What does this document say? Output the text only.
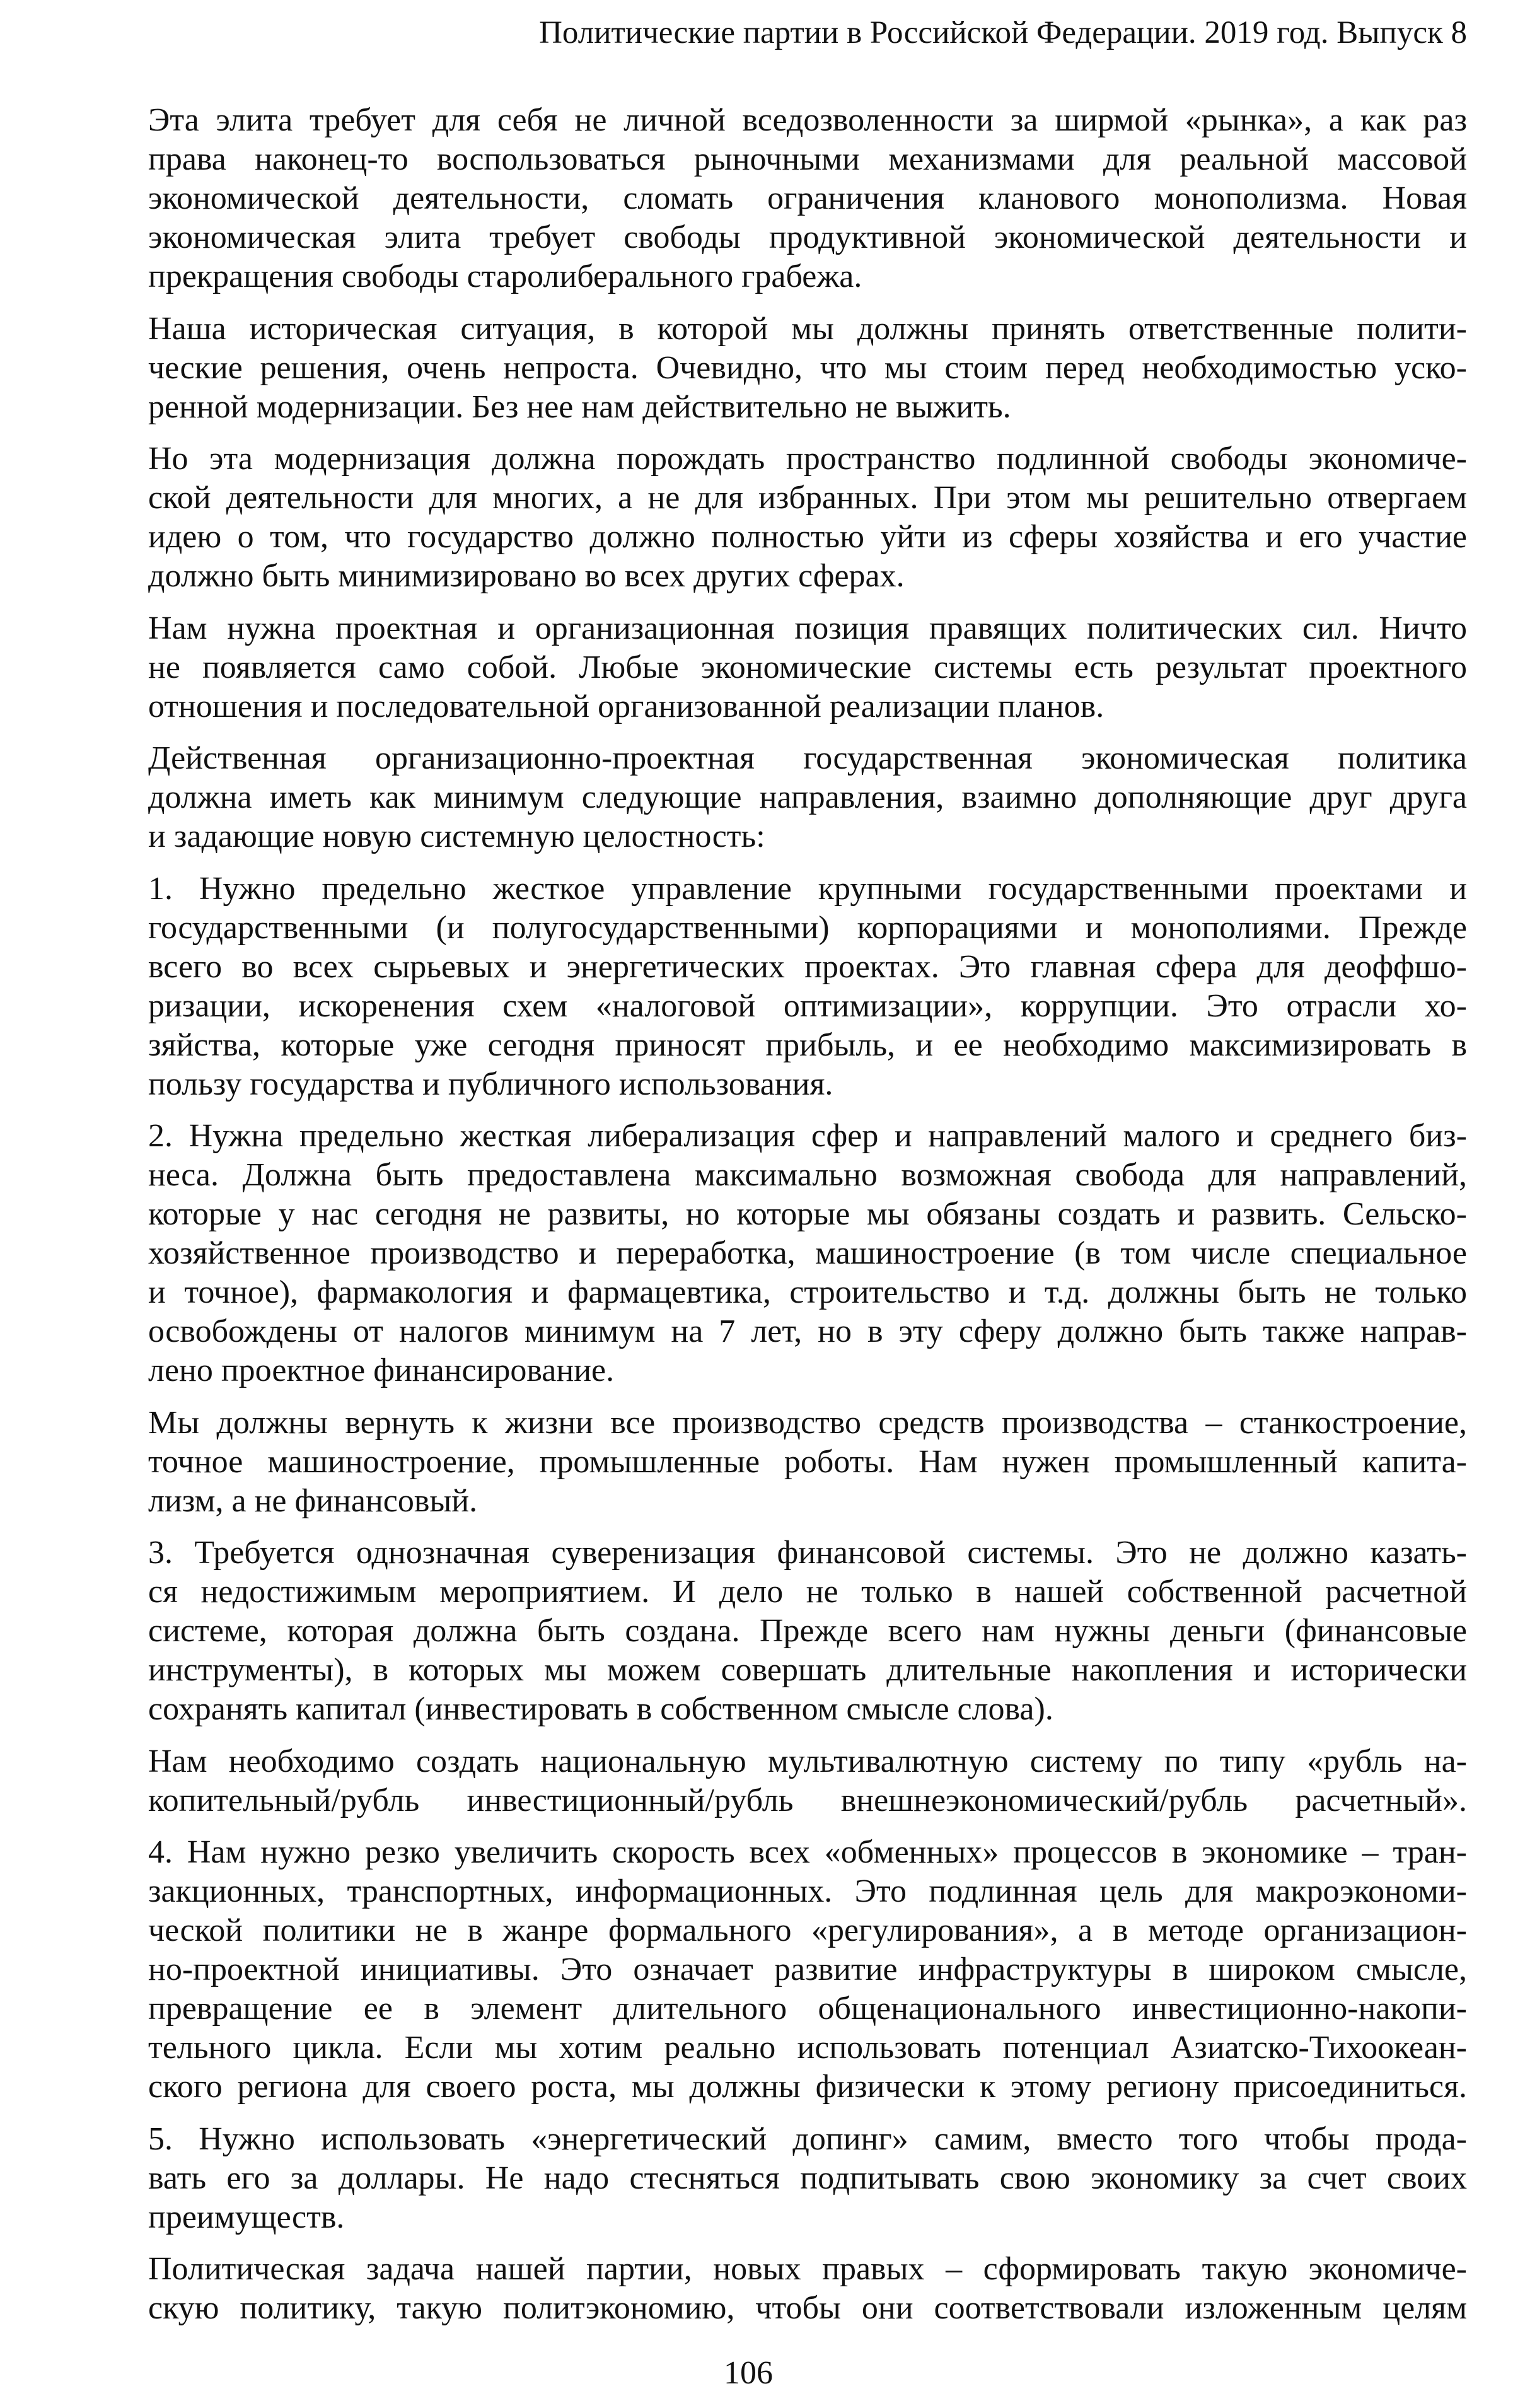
Политические партии в Российской Федерации. 2019 год. Выпуск 8

Эта элита требует для себя не личной вседозволенности за ширмой «рынка», а как раз
права наконец-то воспользоваться рыночными механизмами для реальной массовой
экономической деятельности, сломать ограничения кланового монополизма. Новая
экономическая элита требует свободы продуктивной экономической деятельности и
прекращения свободы старолиберального грабежа.

Наша историческая ситуация, в которой мы должны принять ответственные полити-
ческие решения, очень непроста. Очевидно, что мы стоим перед необходимостью уско-
ренной модернизации. Без нее нам действительно не выжить.

Но эта модернизация должна порождать пространство подлинной свободы экономиче-
ской деятельности для многих, а не для избранных. При этом мы решительно отвергаем
идею о том, что государство должно полностью уйти из сферы хозяйства и его участие
должно быть минимизировано во всех других сферах.

Нам нужна проектная и организационная позиция правящих политических сил. Ничто
не появляется само собой. Любые экономические системы есть результат проектного
отношения и последовательной организованной реализации планов.

Действенная организационно-проектная государственная экономическая политика
должна иметь как минимум следующие направления, взаимно дополняющие друг друга
и задающие новую системную целостность:

1. Нужно предельно жесткое управление крупными государственными проектами и
государственными (и полугосударственными) корпорациями и монополиями. Прежде
всего во всех сырьевых и энергетических проектах. Это главная сфера для деоффшо-
ризации, искоренения схем «налоговой оптимизации», коррупции. Это отрасли хо-
зяйства, которые уже сегодня приносят прибыль, и ее необходимо максимизировать в
пользу государства и публичного использования.

2. Нужна предельно жесткая либерализация сфер и направлений малого и среднего биз-
неса. Должна быть предоставлена максимально возможная свобода для направлений,
которые у нас сегодня не развиты, но которые мы обязаны создать и развить. Сельско-
хозяйственное производство и переработка, машиностроение (в том числе специальное
и точное), фармакология и фармацевтика, строительство и т.д. должны быть не только
освобождены от налогов минимум на 7 лет, но в эту сферу должно быть также направ-
лено проектное финансирование.

Мы должны вернуть к жизни все производство средств производства – станкостроение,
точное машиностроение, промышленные роботы. Нам нужен промышленный капита-
лизм, а не финансовый.

3. Требуется однозначная суверенизация финансовой системы. Это не должно казать-
ся недостижимым мероприятием. И дело не только в нашей собственной расчетной
системе, которая должна быть создана. Прежде всего нам нужны деньги (финансовые
инструменты), в которых мы можем совершать длительные накопления и исторически
сохранять капитал (инвестировать в собственном смысле слова).

Нам необходимо создать национальную мультивалютную систему по типу «рубль на-
копительный/рубль инвестиционный/рубль внешнеэкономический/рубль расчетный».

4. Нам нужно резко увеличить скорость всех «обменных» процессов в экономике – тран-
закционных, транспортных, информационных. Это подлинная цель для макроэкономи-
ческой политики не в жанре формального «регулирования», а в методе организацион-
но-проектной инициативы. Это означает развитие инфраструктуры в широком смысле,
превращение ее в элемент длительного общенационального инвестиционно-накопи-
тельного цикла. Если мы хотим реально использовать потенциал Азиатско-Тихоокеан-
ского региона для своего роста, мы должны физически к этому региону присоединиться.

5. Нужно использовать «энергетический допинг» самим, вместо того чтобы прода-
вать его за доллары. Не надо стесняться подпитывать свою экономику за счет своих
преимуществ.

Политическая задача нашей партии, новых правых – сформировать такую экономиче-
скую политику, такую политэкономию, чтобы они соответствовали изложенным целям

106
